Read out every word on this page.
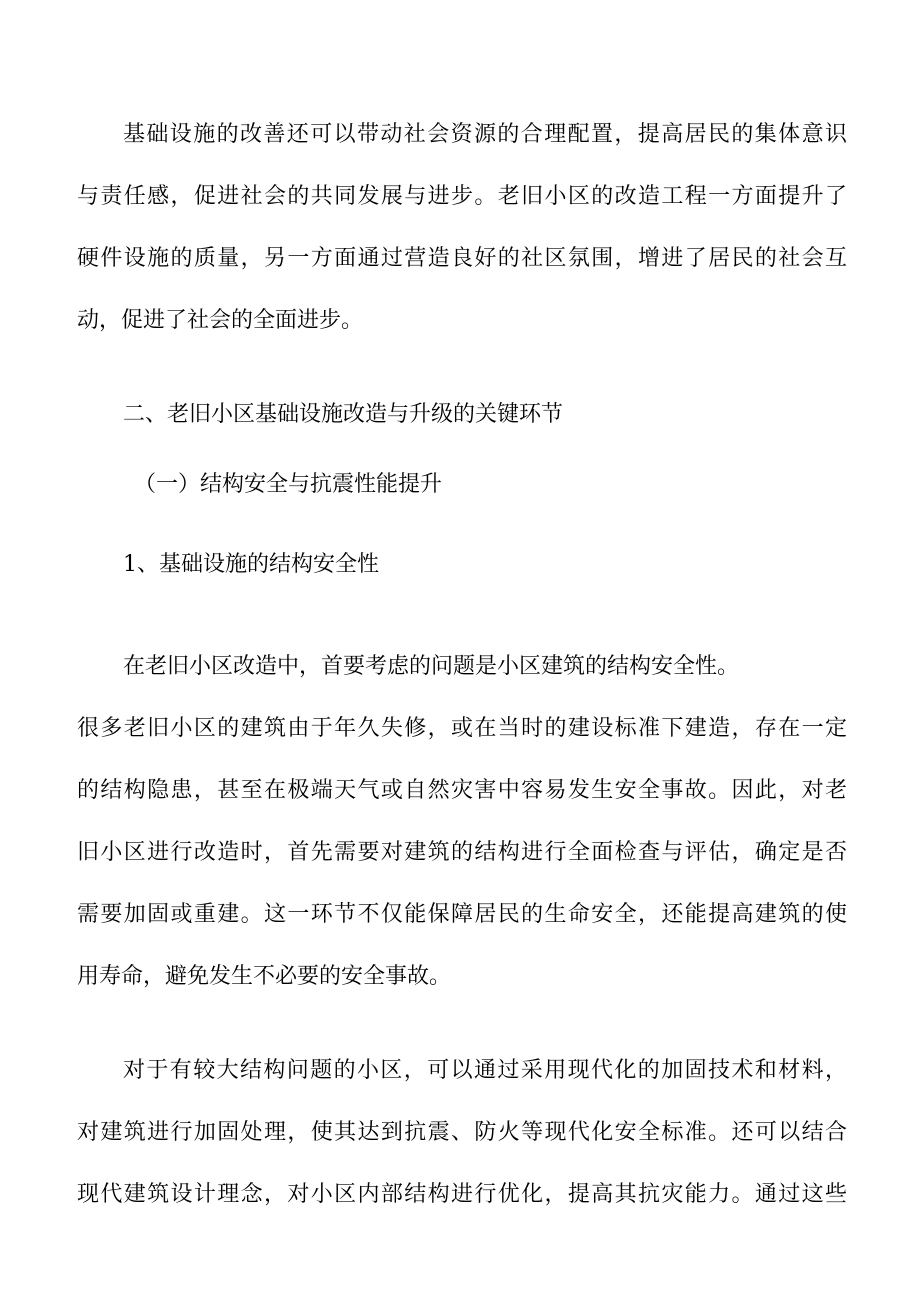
基础设施的改善还可以带动社会资源的合理配置，提高居民的集体意识
与责任感，促进社会的共同发展与进步。老旧小区的改造工程一方面提升了
硬件设施的质量，另一方面通过营造良好的社区氛围，增进了居民的社会互
动，促进了社会的全面进步。
二、老旧小区基础设施改造与升级的关键环节
（一）结构安全与抗震性能提升
1、基础设施的结构安全性
在老旧小区改造中，首要考虑的问题是小区建筑的结构安全性。
很多老旧小区的建筑由于年久失修，或在当时的建设标准下建造，存在一定
的结构隐患，甚至在极端天气或自然灾害中容易发生安全事故。因此，对老
旧小区进行改造时，首先需要对建筑的结构进行全面检查与评估，确定是否
需要加固或重建。这一环节不仅能保障居民的生命安全，还能提高建筑的使
用寿命，避免发生不必要的安全事故。
对于有较大结构问题的小区，可以通过采用现代化的加固技术和材料，
对建筑进行加固处理，使其达到抗震、防火等现代化安全标准。还可以结合
现代建筑设计理念，对小区内部结构进行优化，提高其抗灾能力。通过这些
